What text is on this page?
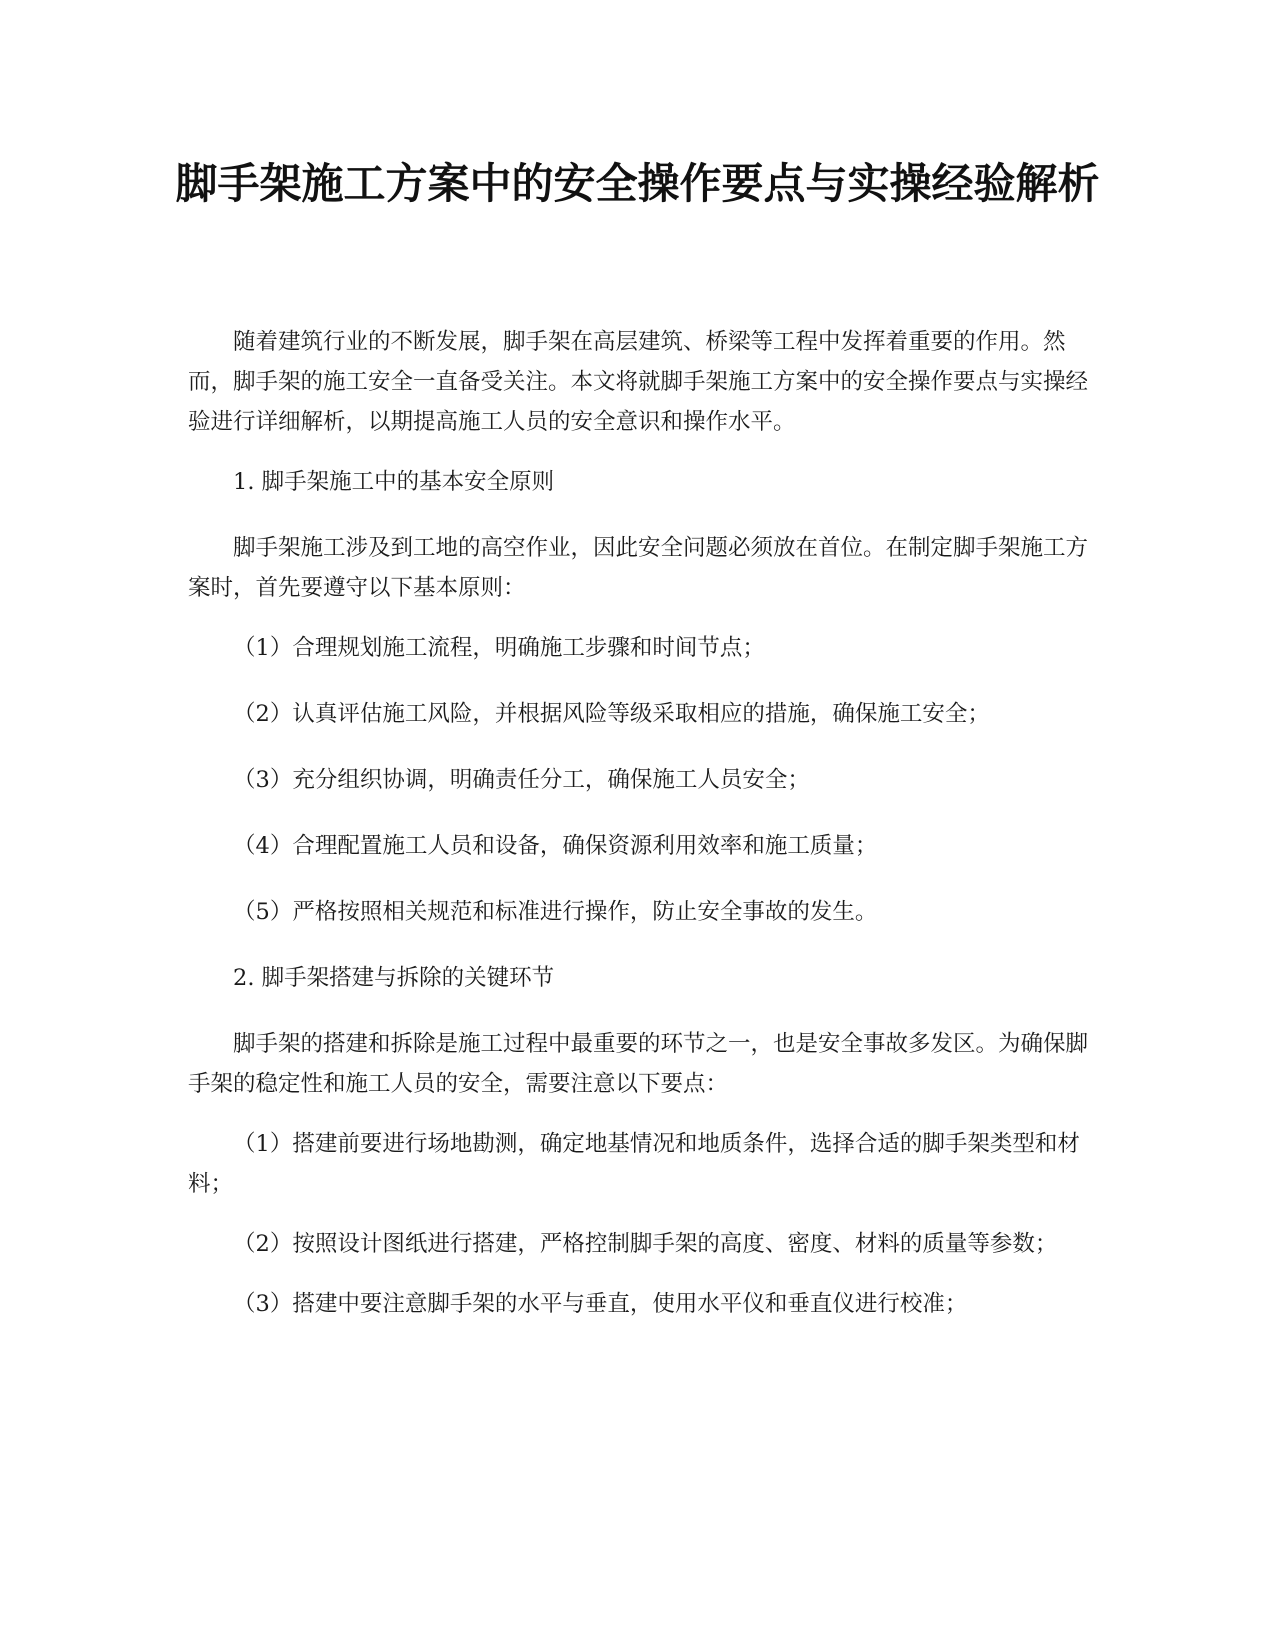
脚手架施工方案中的安全操作要点与实操经验解析

随着建筑行业的不断发展，脚手架在高层建筑、桥梁等工程中发挥着重要的作用。然而，脚手架的施工安全一直备受关注。本文将就脚手架施工方案中的安全操作要点与实操经验进行详细解析，以期提高施工人员的安全意识和操作水平。

1. 脚手架施工中的基本安全原则

脚手架施工涉及到工地的高空作业，因此安全问题必须放在首位。在制定脚手架施工方案时，首先要遵守以下基本原则：

（1）合理规划施工流程，明确施工步骤和时间节点；

（2）认真评估施工风险，并根据风险等级采取相应的措施，确保施工安全；

（3）充分组织协调，明确责任分工，确保施工人员安全；

（4）合理配置施工人员和设备，确保资源利用效率和施工质量；

（5）严格按照相关规范和标准进行操作，防止安全事故的发生。

2. 脚手架搭建与拆除的关键环节

脚手架的搭建和拆除是施工过程中最重要的环节之一，也是安全事故多发区。为确保脚手架的稳定性和施工人员的安全，需要注意以下要点：

（1）搭建前要进行场地勘测，确定地基情况和地质条件，选择合适的脚手架类型和材料；

（2）按照设计图纸进行搭建，严格控制脚手架的高度、密度、材料的质量等参数；

（3）搭建中要注意脚手架的水平与垂直，使用水平仪和垂直仪进行校准；
